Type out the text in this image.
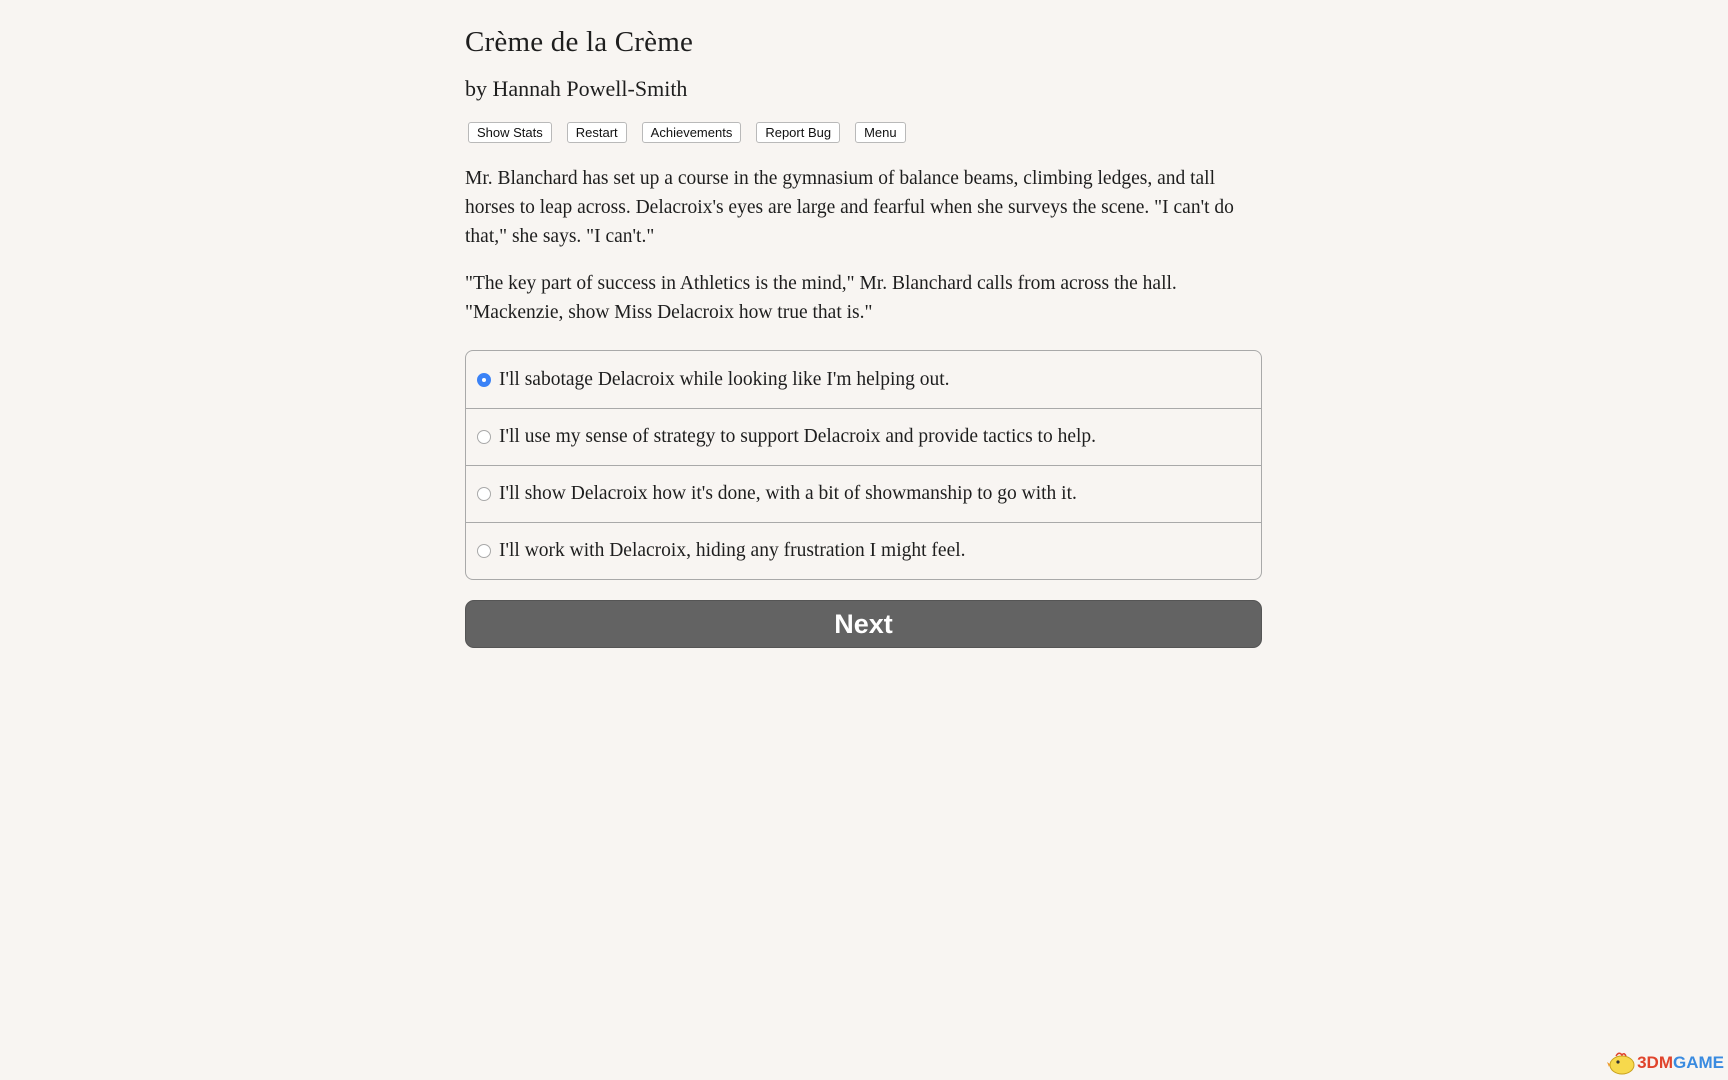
Crème de la Crème
by Hannah Powell-Smith
Show Stats	Restart	Achievements	Report Bug	Menu

Mr. Blanchard has set up a course in the gymnasium of balance beams, climbing ledges, and tall horses to leap across. Delacroix's eyes are large and fearful when she surveys the scene. "I can't do that," she says. "I can't."

"The key part of success in Athletics is the mind," Mr. Blanchard calls from across the hall. "Mackenzie, show Miss Delacroix how true that is."

I'll sabotage Delacroix while looking like I'm helping out.
I'll use my sense of strategy to support Delacroix and provide tactics to help.
I'll show Delacroix how it's done, with a bit of showmanship to go with it.
I'll work with Delacroix, hiding any frustration I might feel.
Next
3DM GAME
